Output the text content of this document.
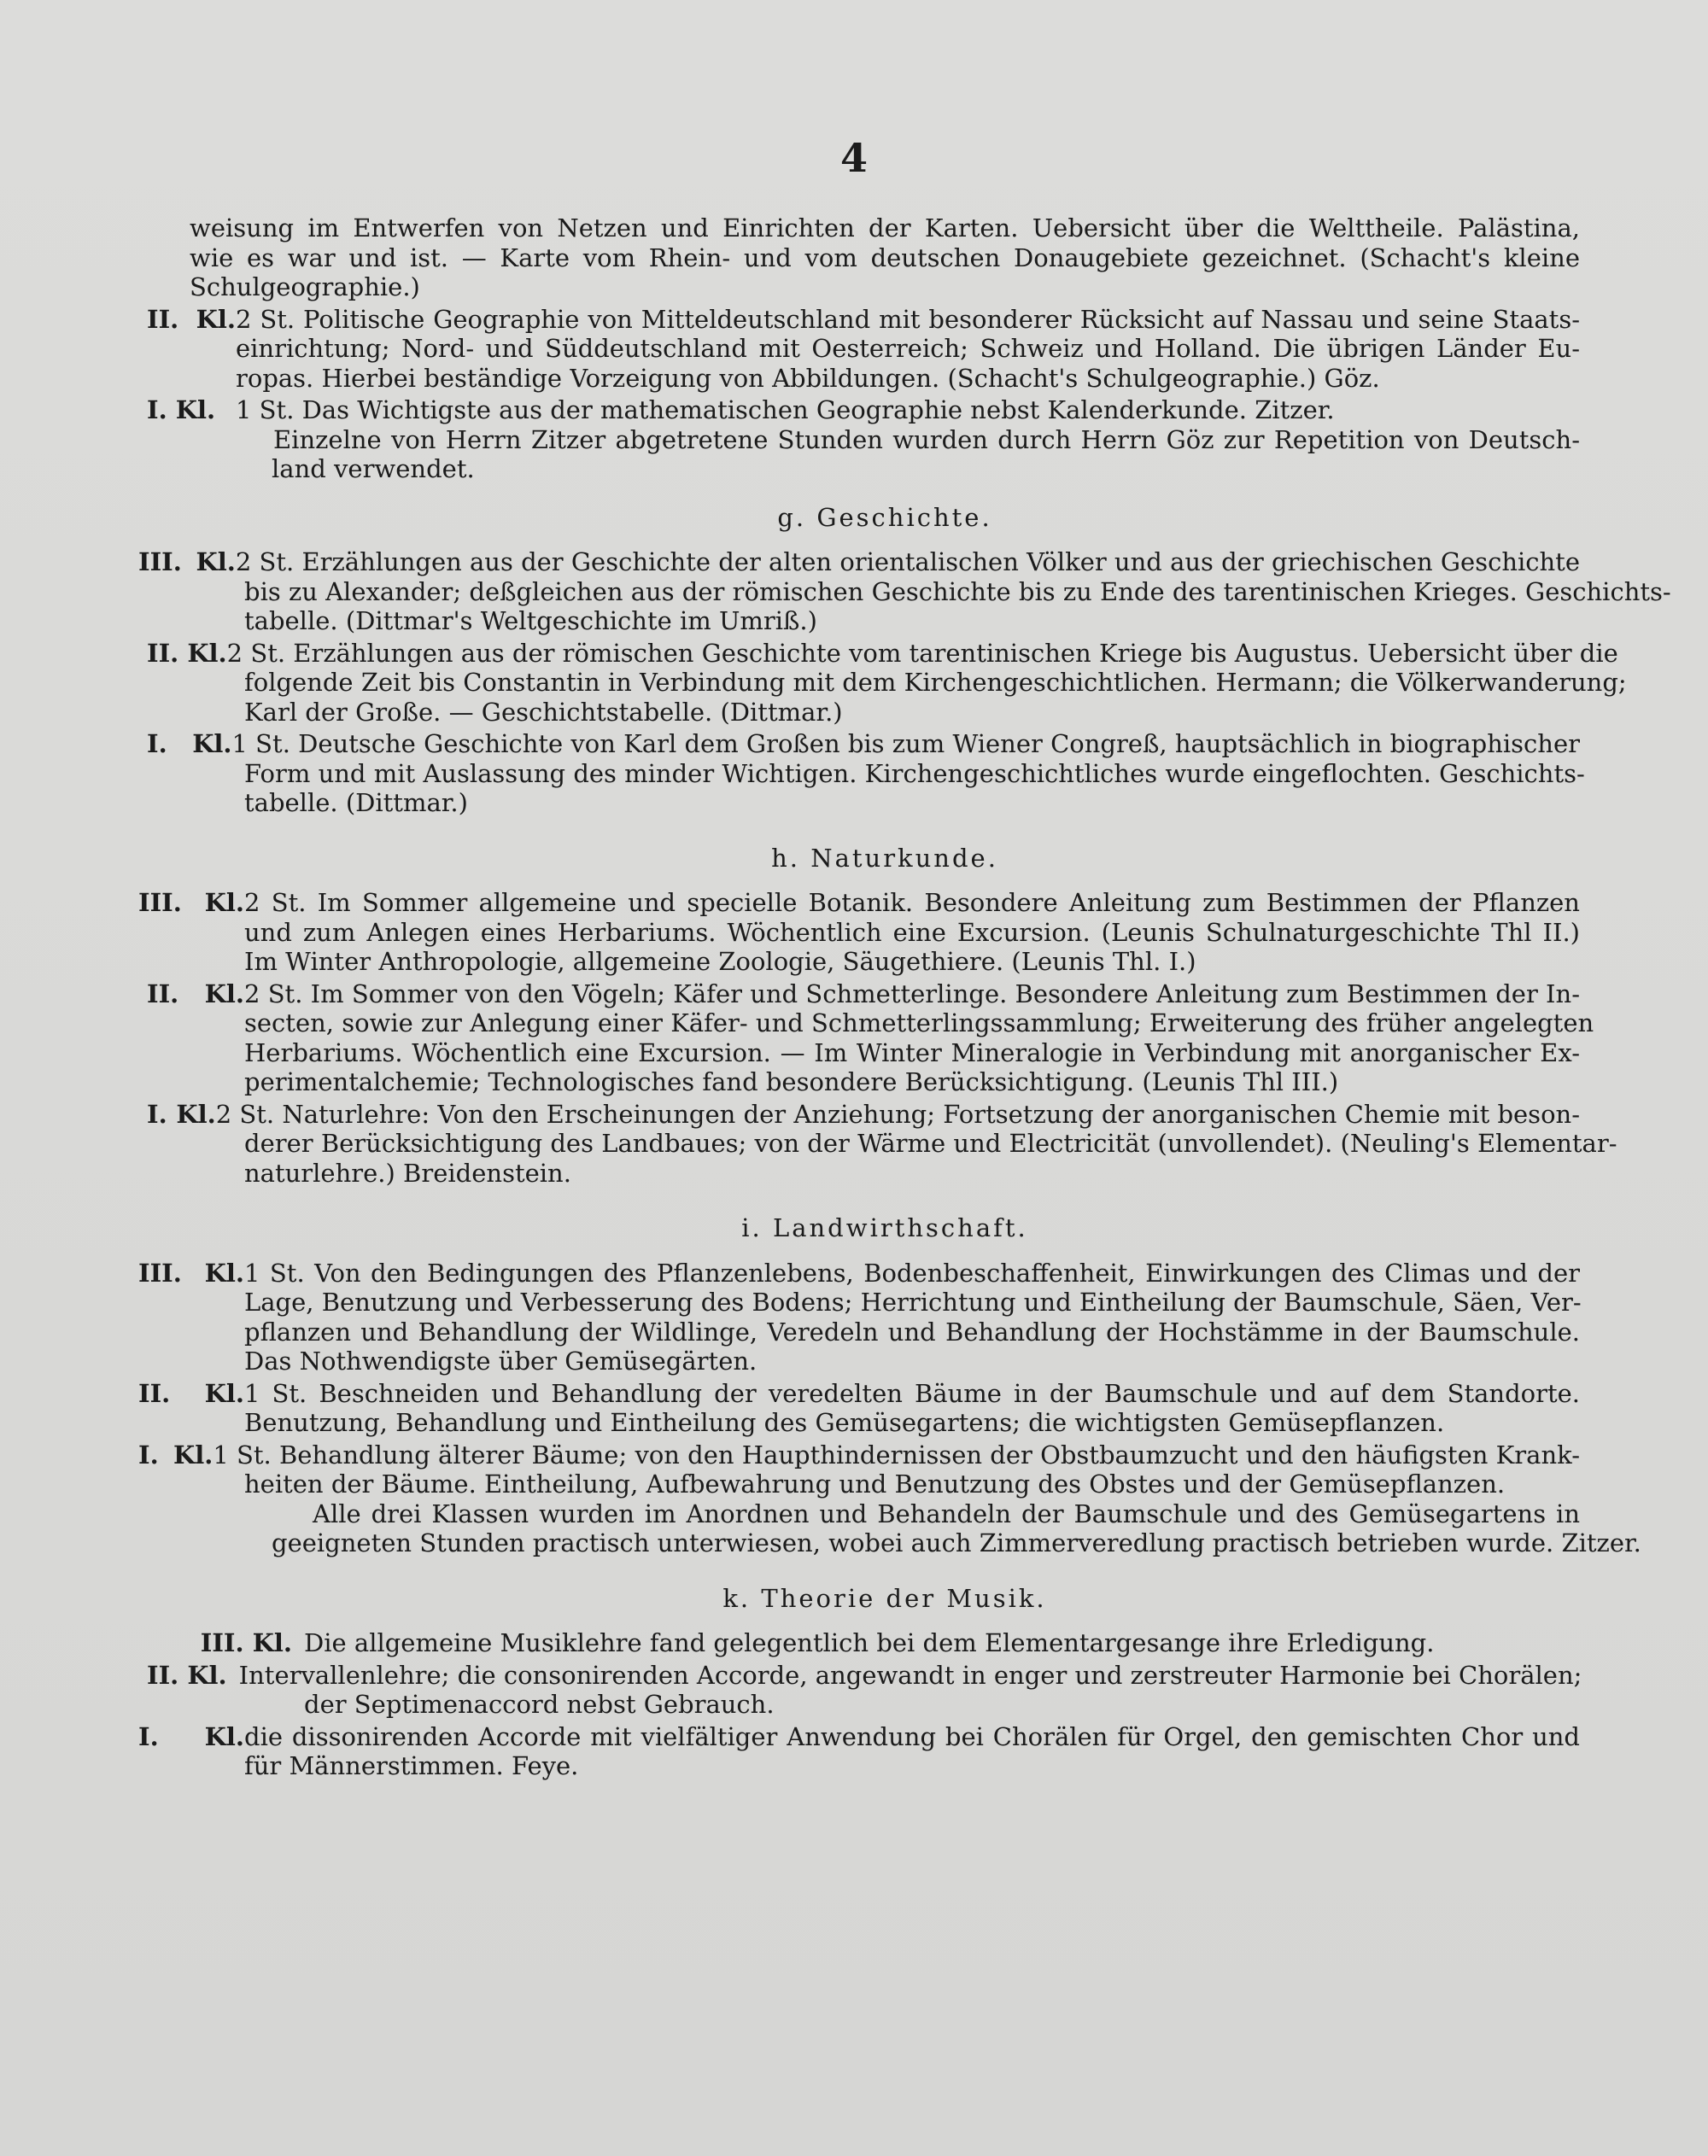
4
weisung im Entwerfen von Netzen und Einrichten der Karten. Uebersicht über die Welttheile. Palästina,
wie es war und ist. — Karte vom Rhein- und vom deutschen Donaugebiete gezeichnet. (Schacht's kleine
Schulgeographie.)
II. Kl. 2 St. Politische Geographie von Mitteldeutschland mit besonderer Rücksicht auf Nassau und seine Staats-
einrichtung; Nord- und Süddeutschland mit Oesterreich; Schweiz und Holland. Die übrigen Länder Eu-
ropas. Hierbei beständige Vorzeigung von Abbildungen. (Schacht's Schulgeographie.) Göz.
I. Kl. 1 St. Das Wichtigste aus der mathematischen Geographie nebst Kalenderkunde. Zitzer.
Einzelne von Herrn Zitzer abgetretene Stunden wurden durch Herrn Göz zur Repetition von Deutsch-
land verwendet.
g. Geschichte.
III. Kl. 2 St. Erzählungen aus der Geschichte der alten orientalischen Völker und aus der griechischen Geschichte
bis zu Alexander; deßgleichen aus der römischen Geschichte bis zu Ende des tarentinischen Krieges. Geschichts-
tabelle. (Dittmar's Weltgeschichte im Umriß.)
II. Kl. 2 St. Erzählungen aus der römischen Geschichte vom tarentinischen Kriege bis Augustus. Uebersicht über die
folgende Zeit bis Constantin in Verbindung mit dem Kirchengeschichtlichen. Hermann; die Völkerwanderung;
Karl der Große. — Geschichtstabelle. (Dittmar.)
I. Kl. 1 St. Deutsche Geschichte von Karl dem Großen bis zum Wiener Congreß, hauptsächlich in biographischer
Form und mit Auslassung des minder Wichtigen. Kirchengeschichtliches wurde eingeflochten. Geschichts-
tabelle. (Dittmar.)
h. Naturkunde.
III. Kl. 2 St. Im Sommer allgemeine und specielle Botanik. Besondere Anleitung zum Bestimmen der Pflanzen
und zum Anlegen eines Herbariums. Wöchentlich eine Excursion. (Leunis Schulnaturgeschichte Thl II.)
Im Winter Anthropologie, allgemeine Zoologie, Säugethiere. (Leunis Thl. I.)
II. Kl. 2 St. Im Sommer von den Vögeln; Käfer und Schmetterlinge. Besondere Anleitung zum Bestimmen der In-
secten, sowie zur Anlegung einer Käfer- und Schmetterlingssammlung; Erweiterung des früher angelegten
Herbariums. Wöchentlich eine Excursion. — Im Winter Mineralogie in Verbindung mit anorganischer Ex-
perimentalchemie; Technologisches fand besondere Berücksichtigung. (Leunis Thl III.)
I. Kl. 2 St. Naturlehre: Von den Erscheinungen der Anziehung; Fortsetzung der anorganischen Chemie mit beson-
derer Berücksichtigung des Landbaues; von der Wärme und Electricität (unvollendet). (Neuling's Elementar-
naturlehre.) Breidenstein.
i. Landwirthschaft.
III. Kl. 1 St. Von den Bedingungen des Pflanzenlebens, Bodenbeschaffenheit, Einwirkungen des Climas und der
Lage, Benutzung und Verbesserung des Bodens; Herrichtung und Eintheilung der Baumschule, Säen, Ver-
pflanzen und Behandlung der Wildlinge, Veredeln und Behandlung der Hochstämme in der Baumschule.
Das Nothwendigste über Gemüsegärten.
II. Kl. 1 St. Beschneiden und Behandlung der veredelten Bäume in der Baumschule und auf dem Standorte.
Benutzung, Behandlung und Eintheilung des Gemüsegartens; die wichtigsten Gemüsepflanzen.
I. Kl. 1 St. Behandlung älterer Bäume; von den Haupthindernissen der Obstbaumzucht und den häufigsten Krank-
heiten der Bäume. Eintheilung, Aufbewahrung und Benutzung des Obstes und der Gemüsepflanzen.
Alle drei Klassen wurden im Anordnen und Behandeln der Baumschule und des Gemüsegartens in
geeigneten Stunden practisch unterwiesen, wobei auch Zimmerveredlung practisch betrieben wurde. Zitzer.
k. Theorie der Musik.
III. Kl. Die allgemeine Musiklehre fand gelegentlich bei dem Elementargesange ihre Erledigung.
II. Kl. Intervallenlehre; die consonirenden Accorde, angewandt in enger und zerstreuter Harmonie bei Chorälen;
der Septimenaccord nebst Gebrauch.
I. Kl. die dissonirenden Accorde mit vielfältiger Anwendung bei Chorälen für Orgel, den gemischten Chor und
für Männerstimmen. Feye.
